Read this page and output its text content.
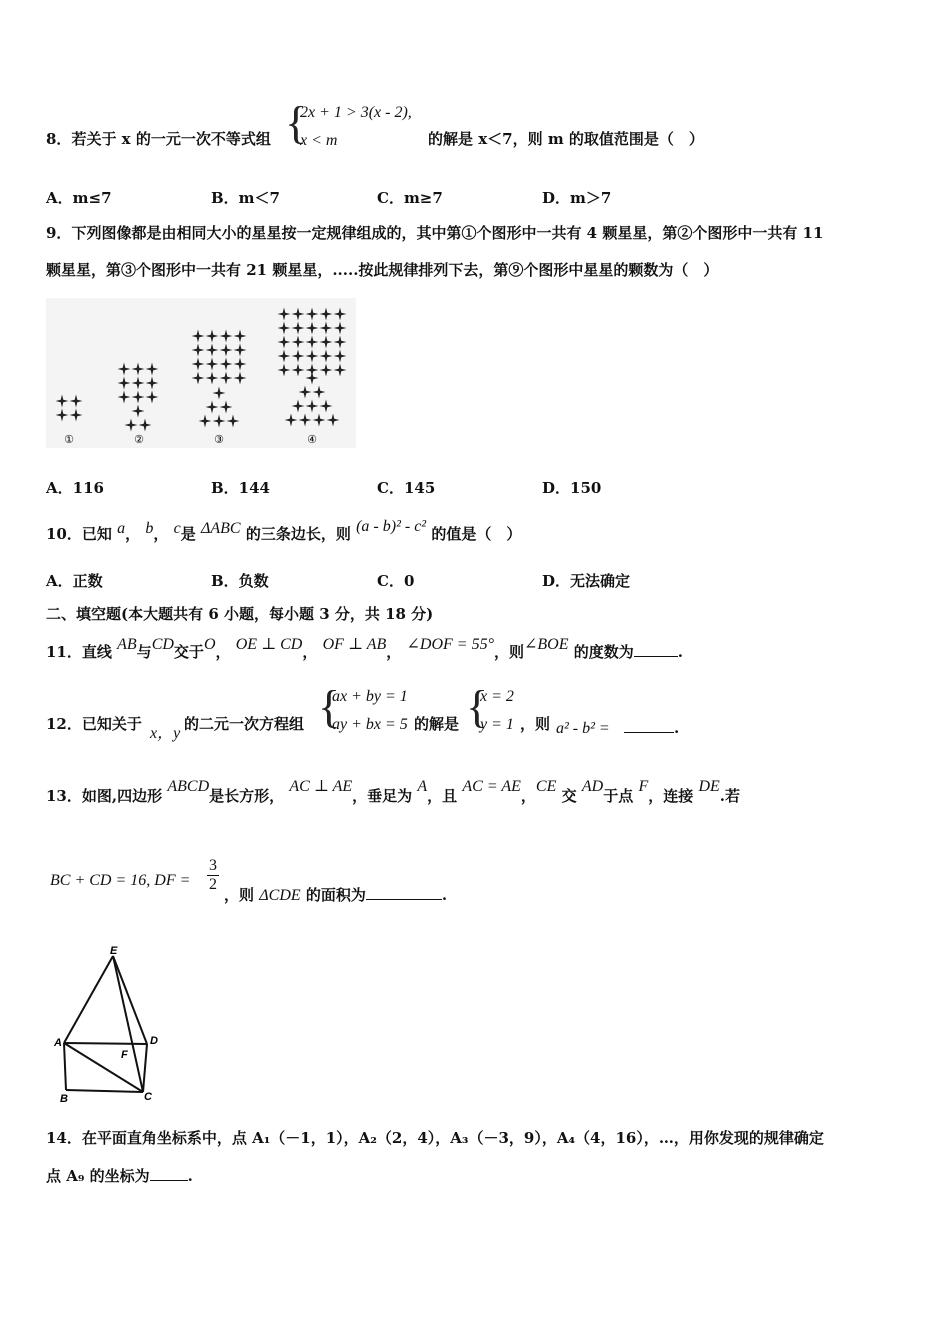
8．若关于 x 的一元一次不等式组 {
2x + 1 > 3(x - 2),
x < m	的解是 x＜7，则 m 的取值范围是（　）
A．m≤7	B．m＜7	C．m≥7	D．m＞7
9．下列图像都是由相同大小的星星按一定规律组成的，其中第①个图形中一共有 4 颗星星，第②个图形中一共有 11
颗星星，第③个图形中一共有 21 颗星星，.....按此规律排列下去，第⑨个图形中星星的颗数为（　）
①	②	③	④
A．116	B．144	C．145	D．150
10．已知 a， b， c是 ΔABC 的三条边长，则 (a - b)² - c² 的值是（　）
A．正数	B．负数	C．0	D．无法确定
二、填空题(本大题共有 6 小题，每小题 3 分，共 18 分)
11．直线 AB与CD交于O， OE ⊥ CD， OF ⊥ AB， ∠DOF = 55°，则∠BOE 的度数为	.
12．已知关于
x，y
的二元一次方程组 {
ax + by = 1
ay + bx = 5 的解是 {
x = 2
y = 1 ，则 a² - b² =	.
13．如图,四边形 ABCD是长方形， AC ⊥ AE，垂足为 A，且 AC = AE，CE 交 AD于点 F，连接 DE.若
BC + CD = 16, DF =
3
2
，则 ΔCDE 的面积为	.
E
A	D
F
B	C
14．在平面直角坐标系中，点 A₁（－1，1），A₂（2，4），A₃（－3，9），A₄（4，16），…，用你发现的规律确定
点 A₉ 的坐标为	.
